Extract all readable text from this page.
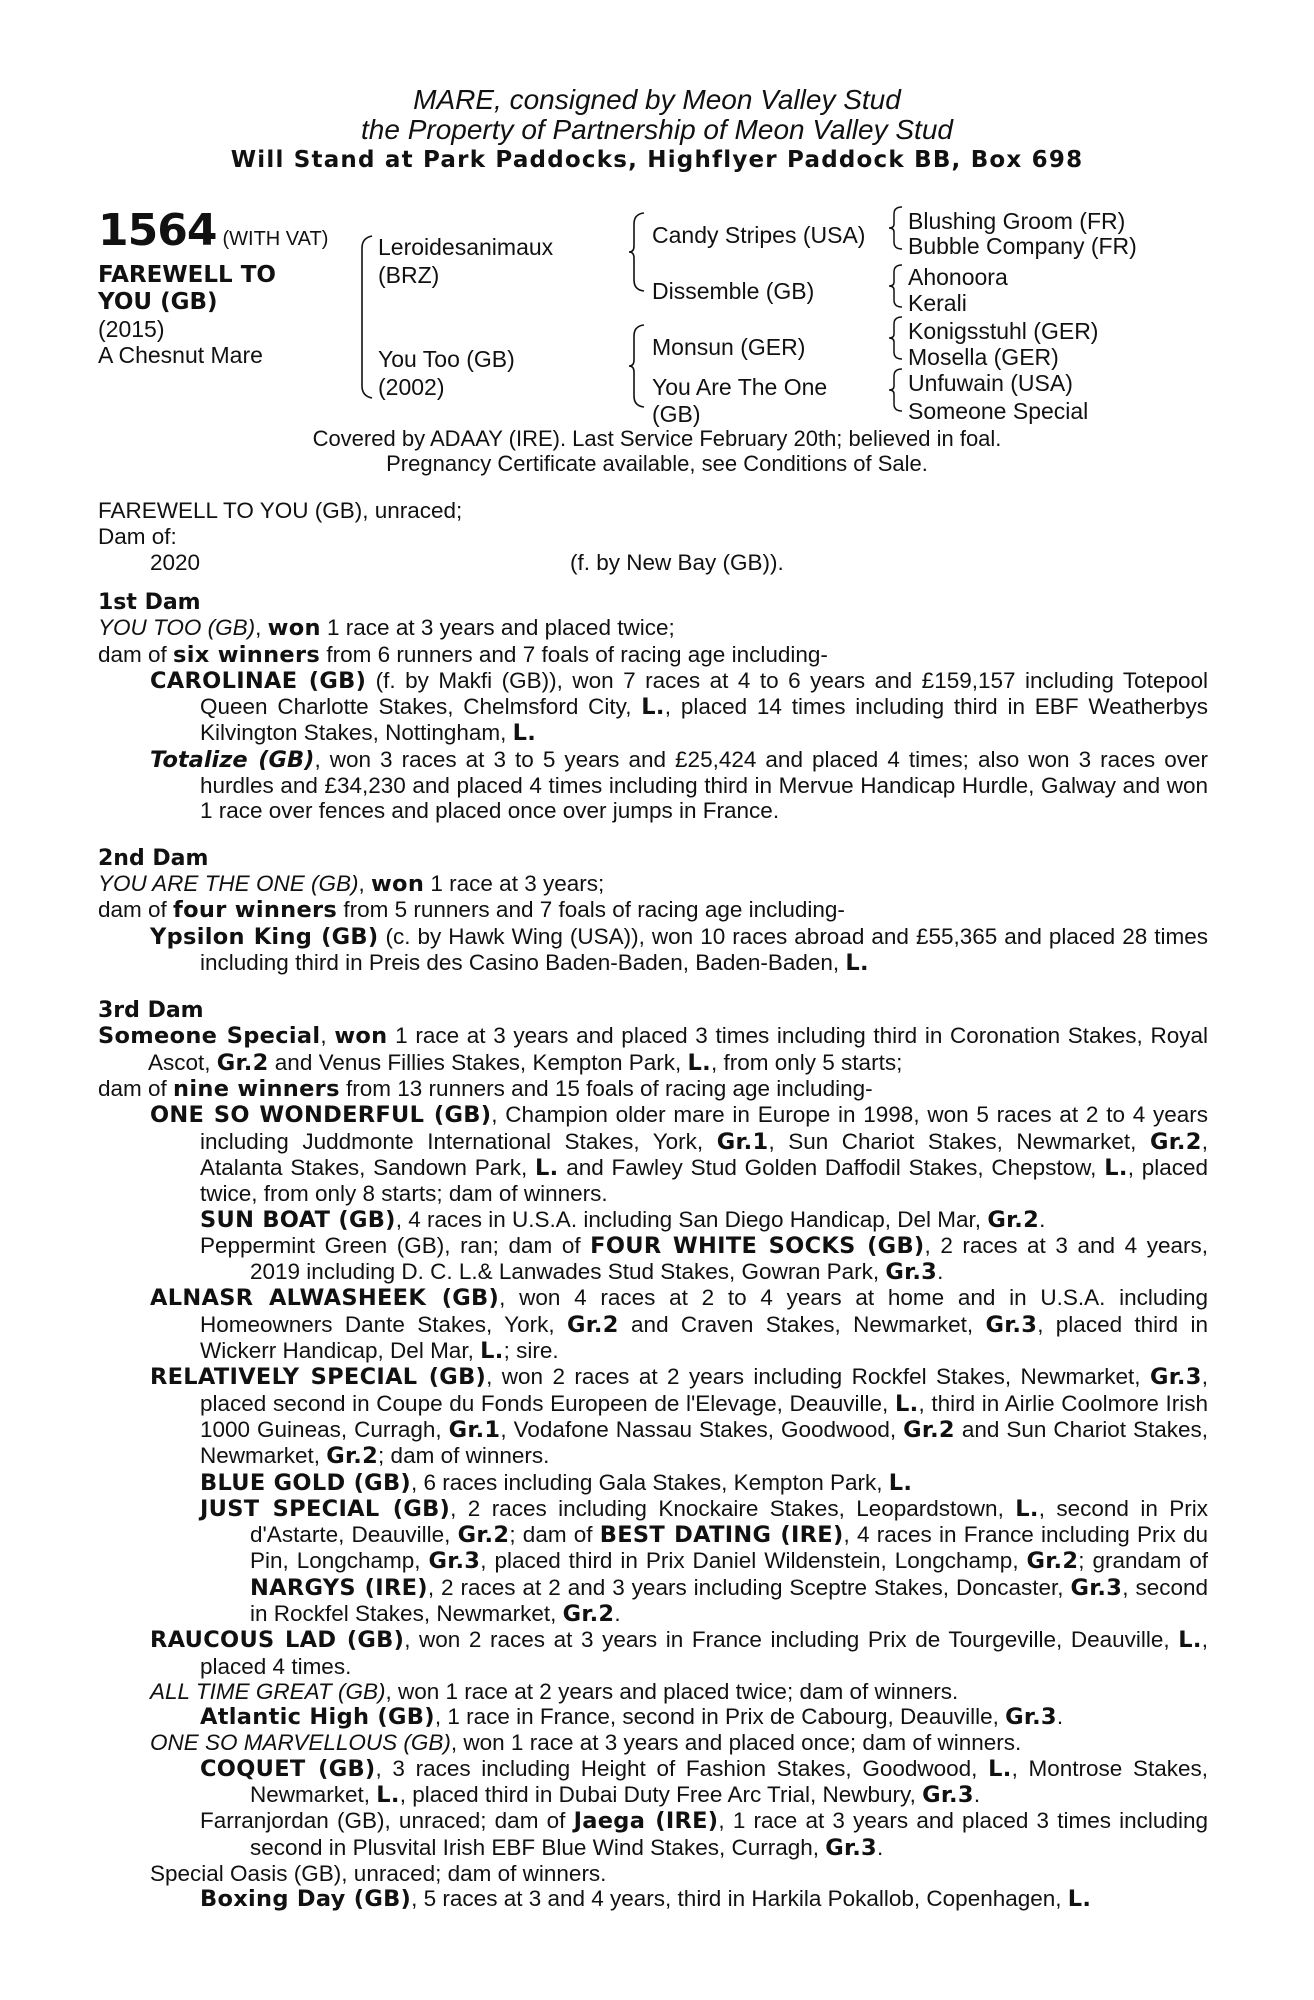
MARE, consigned by Meon Valley Stud
the Property of Partnership of Meon Valley Stud
Will Stand at Park Paddocks, Highflyer Paddock BB, Box 698
1564 (WITH VAT)
FAREWELL TO
YOU (GB)
(2015)
A Chesnut Mare
Leroidesanimaux
(BRZ)
You Too (GB)
(2002)
Candy Stripes (USA)
Dissemble (GB)
Monsun (GER)
You Are The One
(GB)
Blushing Groom (FR)
Bubble Company (FR)
Ahonoora
Kerali
Konigsstuhl (GER)
Mosella (GER)
Unfuwain (USA)
Someone Special
Covered by ADAAY (IRE). Last Service February 20th; believed in foal.
Pregnancy Certificate available, see Conditions of Sale.
FAREWELL TO YOU (GB), unraced;
Dam of:
2020	(f. by New Bay (GB)).
1st Dam

YOU TOO (GB), won 1 race at 3 years and placed twice;

dam of six winners from 6 runners and 7 foals of racing age including-

CAROLINAE (GB) (f. by Makfi (GB)), won 7 races at 4 to 6 years and £159,157 including Totepool Queen Charlotte Stakes, Chelmsford City, L., placed 14 times including third in EBF Weatherbys Kilvington Stakes, Nottingham, L.

Totalize (GB), won 3 races at 3 to 5 years and £25,424 and placed 4 times; also won 3 races over hurdles and £34,230 and placed 4 times including third in Mervue Handicap Hurdle, Galway and won 1 race over fences and placed once over jumps in France.

2nd Dam

YOU ARE THE ONE (GB), won 1 race at 3 years;

dam of four winners from 5 runners and 7 foals of racing age including-

Ypsilon King (GB) (c. by Hawk Wing (USA)), won 10 races abroad and £55,365 and placed 28 times including third in Preis des Casino Baden-Baden, Baden-Baden, L.

3rd Dam

Someone Special, won 1 race at 3 years and placed 3 times including third in Coronation Stakes, Royal Ascot, Gr.2 and Venus Fillies Stakes, Kempton Park, L., from only 5 starts;

dam of nine winners from 13 runners and 15 foals of racing age including-

ONE SO WONDERFUL (GB), Champion older mare in Europe in 1998, won 5 races at 2 to 4 years including Juddmonte International Stakes, York, Gr.1, Sun Chariot Stakes, Newmarket, Gr.2, Atalanta Stakes, Sandown Park, L. and Fawley Stud Golden Daffodil Stakes, Chepstow, L., placed twice, from only 8 starts; dam of winners.

SUN BOAT (GB), 4 races in U.S.A. including San Diego Handicap, Del Mar, Gr.2.

Peppermint Green (GB), ran; dam of FOUR WHITE SOCKS (GB), 2 races at 3 and 4 years, 2019 including D. C. L.& Lanwades Stud Stakes, Gowran Park, Gr.3.

ALNASR ALWASHEEK (GB), won 4 races at 2 to 4 years at home and in U.S.A. including Homeowners Dante Stakes, York, Gr.2 and Craven Stakes, Newmarket, Gr.3, placed third in Wickerr Handicap, Del Mar, L.; sire.

RELATIVELY SPECIAL (GB), won 2 races at 2 years including Rockfel Stakes, Newmarket, Gr.3, placed second in Coupe du Fonds Europeen de l'Elevage, Deauville, L., third in Airlie Coolmore Irish 1000 Guineas, Curragh, Gr.1, Vodafone Nassau Stakes, Goodwood, Gr.2 and Sun Chariot Stakes, Newmarket, Gr.2; dam of winners.

BLUE GOLD (GB), 6 races including Gala Stakes, Kempton Park, L.

JUST SPECIAL (GB), 2 races including Knockaire Stakes, Leopardstown, L., second in Prix d'Astarte, Deauville, Gr.2; dam of BEST DATING (IRE), 4 races in France including Prix du Pin, Longchamp, Gr.3, placed third in Prix Daniel Wildenstein, Longchamp, Gr.2; grandam of NARGYS (IRE), 2 races at 2 and 3 years including Sceptre Stakes, Doncaster, Gr.3, second in Rockfel Stakes, Newmarket, Gr.2.

RAUCOUS LAD (GB), won 2 races at 3 years in France including Prix de Tourgeville, Deauville, L., placed 4 times.

ALL TIME GREAT (GB), won 1 race at 2 years and placed twice; dam of winners.

Atlantic High (GB), 1 race in France, second in Prix de Cabourg, Deauville, Gr.3.

ONE SO MARVELLOUS (GB), won 1 race at 3 years and placed once; dam of winners.

COQUET (GB), 3 races including Height of Fashion Stakes, Goodwood, L., Montrose Stakes, Newmarket, L., placed third in Dubai Duty Free Arc Trial, Newbury, Gr.3.

Farranjordan (GB), unraced; dam of Jaega (IRE), 1 race at 3 years and placed 3 times including second in Plusvital Irish EBF Blue Wind Stakes, Curragh, Gr.3.

Special Oasis (GB), unraced; dam of winners.

Boxing Day (GB), 5 races at 3 and 4 years, third in Harkila Pokallob, Copenhagen, L.
